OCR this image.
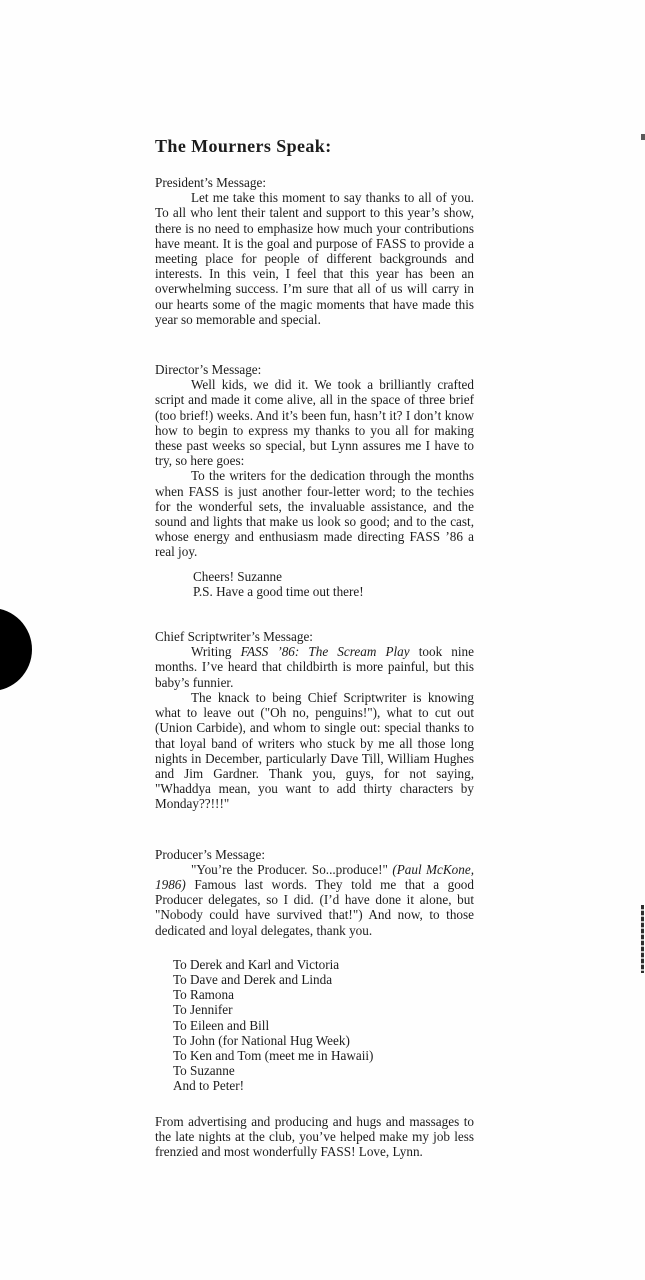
The Mourners Speak:

President’s Message:

Let me take this moment to say thanks to all of you. To all who lent their talent and support to this year’s show, there is no need to emphasize how much your contributions have meant. It is the goal and purpose of FASS to provide a meeting place for people of different backgrounds and interests. In this vein, I feel that this year has been an overwhelming success. I’m sure that all of us will carry in our hearts some of the magic moments that have made this year so memorable and special.

Director’s Message:

Well kids, we did it. We took a brilliantly crafted script and made it come alive, all in the space of three brief (too brief!) weeks. And it’s been fun, hasn’t it? I don’t know how to begin to express my thanks to you all for making these past weeks so special, but Lynn assures me I have to try, so here goes:

To the writers for the dedication through the months when FASS is just another four-letter word; to the techies for the wonderful sets, the invaluable assistance, and the sound and lights that make us look so good; and to the cast, whose energy and enthusiasm made directing FASS ’86 a real joy.

Cheers! Suzanne
P.S. Have a good time out there!

Chief Scriptwriter’s Message:

Writing FASS ’86: The Scream Play took nine months. I’ve heard that childbirth is more painful, but this baby’s funnier.

The knack to being Chief Scriptwriter is knowing what to leave out ("Oh no, penguins!"), what to cut out (Union Carbide), and whom to single out: special thanks to that loyal band of writers who stuck by me all those long nights in December, particularly Dave Till, William Hughes and Jim Gardner. Thank you, guys, for not saying, "Whaddya mean, you want to add thirty characters by Monday??!!!"

Producer’s Message:

"You’re the Producer. So...produce!" (Paul McKone, 1986) Famous last words. They told me that a good Producer delegates, so I did. (I’d have done it alone, but "Nobody could have survived that!") And now, to those dedicated and loyal delegates, thank you.

To Derek and Karl and Victoria
To Dave and Derek and Linda
To Ramona
To Jennifer
To Eileen and Bill
To John (for National Hug Week)
To Ken and Tom (meet me in Hawaii)
To Suzanne
And to Peter!

From advertising and producing and hugs and massages to the late nights at the club, you’ve helped make my job less frenzied and most wonderfully FASS! Love, Lynn.
